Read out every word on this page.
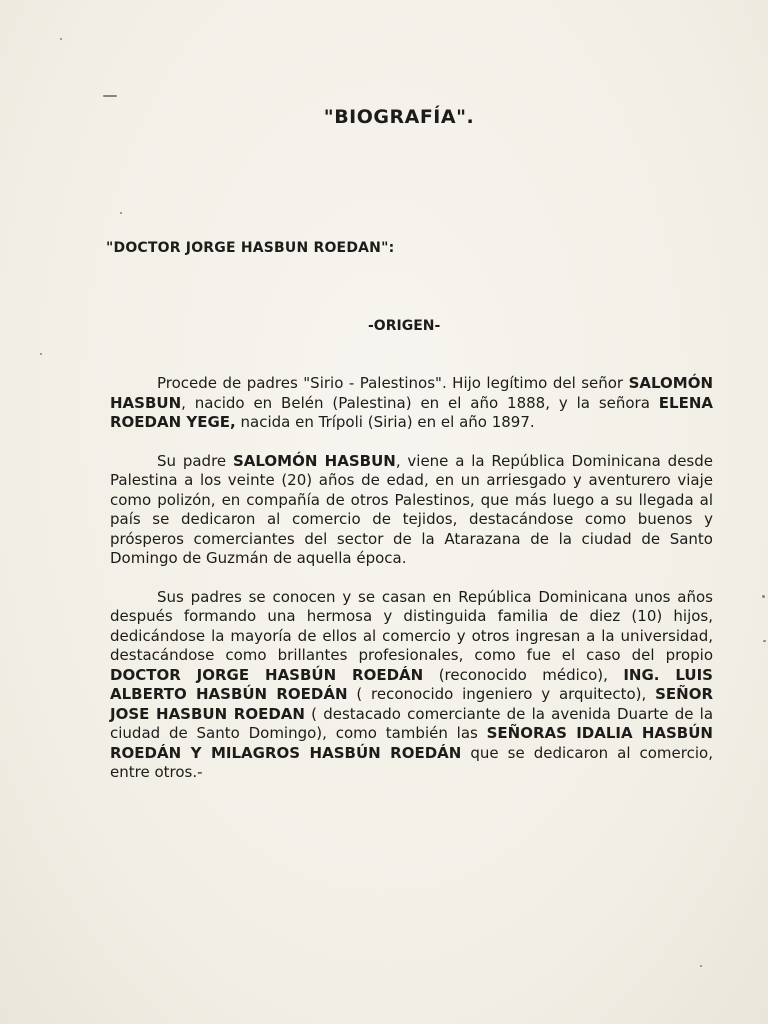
"BIOGRAFÍA".
"DOCTOR JORGE HASBUN ROEDAN":
-ORIGEN-

Procede de padres "Sirio - Palestinos". Hijo legítimo del señor SALOMÓN HASBUN, nacido en Belén (Palestina) en el año 1888, y la señora ELENA ROEDAN YEGE, nacida en Trípoli (Siria) en el año 1897.

Su padre SALOMÓN HASBUN, viene a la República Dominicana desde Palestina a los veinte (20) años de edad, en un arriesgado y aventurero viaje como polizón, en compañía de otros Palestinos, que más luego a su llegada al país se dedicaron al comercio de tejidos, destacándose como buenos y prósperos comerciantes del sector de la Atarazana de la ciudad de Santo Domingo de Guzmán de aquella época.

Sus padres se conocen y se casan en República Dominicana unos años después formando una hermosa y distinguida familia de diez (10) hijos, dedicándose la mayoría de ellos al comercio y otros ingresan a la universidad, destacándose como brillantes profesionales, como fue el caso del propio DOCTOR JORGE HASBÚN ROEDÁN (reconocido médico), ING. LUIS ALBERTO HASBÚN ROEDÁN ( reconocido ingeniero y arquitecto), SEÑOR JOSE HASBUN ROEDAN ( destacado comerciante de la avenida Duarte de la ciudad de Santo Domingo), como también las SEÑORAS IDALIA HASBÚN ROEDÁN Y MILAGROS HASBÚN ROEDÁN que se dedicaron al comercio, entre otros.-
